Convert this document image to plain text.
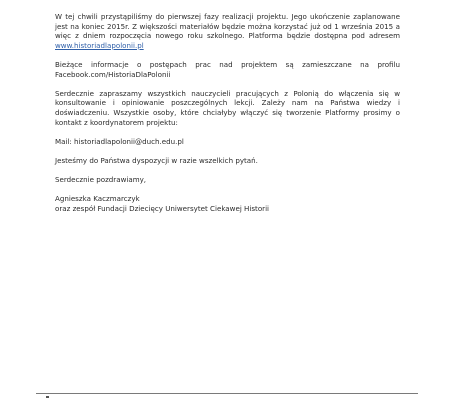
W tej chwili przystąpiliśmy do pierwszej fazy realizacji projektu. Jego ukończenie zaplanowane jest na koniec 2015r. Z większości materiałów będzie można korzystać już od 1 września 2015 a więc z dniem rozpoczęcia nowego roku szkolnego. Platforma będzie dostępna pod adresem www.historiadlapolonii.pl

Bieżące informacje o postępach prac nad projektem są zamieszczane na profilu Facebook.com/HistoriaDlaPolonii

Serdecznie zapraszamy wszystkich nauczycieli pracujących z Polonią do włączenia się w konsultowanie i opiniowanie poszczególnych lekcji. Zależy nam na Państwa wiedzy i doświadczeniu. Wszystkie osoby, które chciałyby włączyć się tworzenie Platformy prosimy o kontakt z koordynatorem projektu:

Mail: historiadlapolonii@duch.edu.pl

Jesteśmy do Państwa dyspozycji w razie wszelkich pytań.

Serdecznie pozdrawiamy,

Agnieszka Kaczmarczyk
oraz zespół Fundacji Dziecięcy Uniwersytet Ciekawej Historii
